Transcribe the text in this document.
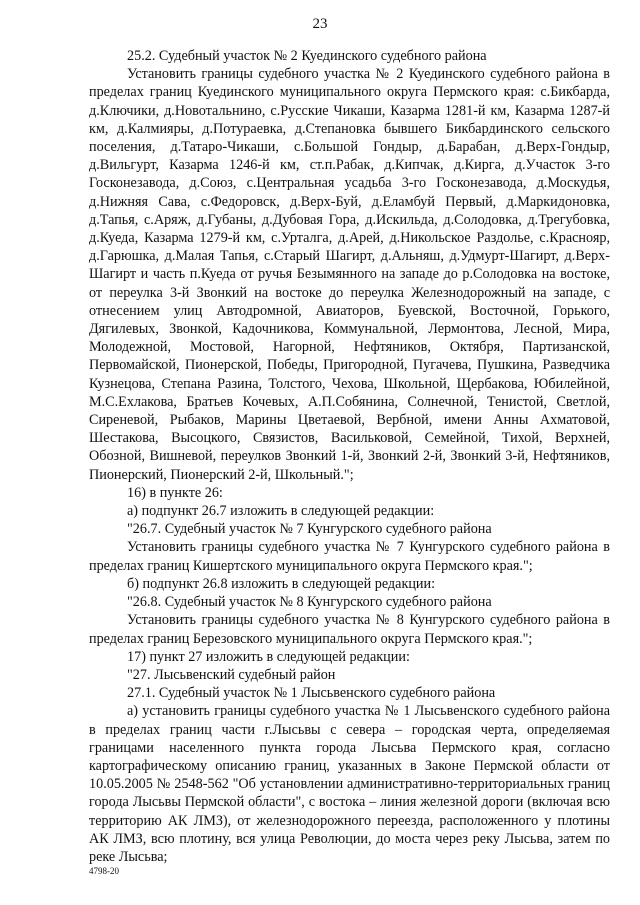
23

25.2. Судебный участок № 2 Куединского судебного района

Установить границы судебного участка № 2 Куединского судебного района в пределах границ Куединского муниципального округа Пермского края: с.Бикбарда, д.Ключики, д.Новотальнино, с.Русские Чикаши, Казарма 1281-й км, Казарма 1287-й км, д.Калмияры, д.Потураевка, д.Степановка бывшего Бикбардинского сельского поселения, д.Татаро-Чикаши, с.Большой Гондыр, д.Барабан, д.Верх-Гондыр, д.Вильгурт, Казарма 1246-й км, ст.п.Рабак, д.Кипчак, д.Кирга, д.Участок 3-го Госконезавода, д.Союз, с.Центральная усадьба 3-го Госконезавода, д.Москудья, д.Нижняя Сава, с.Федоровск, д.Верх-Буй, д.Еламбуй Первый, д.Маркидоновка, д.Тапья, с.Аряж, д.Губаны, д.Дубовая Гора, д.Искильда, д.Солодовка, д.Трегубовка, д.Куеда, Казарма 1279-й км, с.Урталга, д.Арей, д.Никольское Раздолье, с.Краснояр, д.Гарюшка, д.Малая Тапья, с.Старый Шагирт, д.Альняш, д.Удмурт-Шагирт, д.Верх-Шагирт и часть п.Куеда от ручья Безымянного на западе до р.Солодовка на востоке, от переулка 3-й Звонкий на востоке до переулка Железнодорожный на западе, с отнесением улиц Автодромной, Авиаторов, Буевской, Восточной, Горького, Дягилевых, Звонкой, Кадочникова, Коммунальной, Лермонтова, Лесной, Мира, Молодежной, Мостовой, Нагорной, Нефтяников, Октября, Партизанской, Первомайской, Пионерской, Победы, Пригородной, Пугачева, Пушкина, Разведчика Кузнецова, Степана Разина, Толстого, Чехова, Школьной, Щербакова, Юбилейной, М.С.Ехлакова, Братьев Кочевых, А.П.Собянина, Солнечной, Тенистой, Светлой, Сиреневой, Рыбаков, Марины Цветаевой, Вербной, имени Анны Ахматовой, Шестакова, Высоцкого, Связистов, Васильковой, Семейной, Тихой, Верхней, Обозной, Вишневой, переулков Звонкий 1-й, Звонкий 2-й, Звонкий 3-й, Нефтяников, Пионерский, Пионерский 2-й, Школьный.";

16) в пункте 26:

а) подпункт 26.7 изложить в следующей редакции:

"26.7. Судебный участок № 7 Кунгурского судебного района

Установить границы судебного участка № 7 Кунгурского судебного района в пределах границ Кишертского муниципального округа Пермского края.";

б) подпункт 26.8 изложить в следующей редакции:

"26.8. Судебный участок № 8 Кунгурского судебного района

Установить границы судебного участка № 8 Кунгурского судебного района в пределах границ Березовского муниципального округа Пермского края.";

17) пункт 27 изложить в следующей редакции:

"27. Лысьвенский судебный район

27.1. Судебный участок № 1 Лысьвенского судебного района

а) установить границы судебного участка № 1 Лысьвенского судебного района в пределах границ части г.Лысьвы с севера – городская черта, определяемая границами населенного пункта города Лысьва Пермского края, согласно картографическому описанию границ, указанных в Законе Пермской области от 10.05.2005 № 2548-562 "Об установлении административно-территориальных границ города Лысьвы Пермской области", с востока – линия железной дороги (включая всю территорию АК ЛМЗ), от железнодорожного переезда, расположенного у плотины АК ЛМЗ, всю плотину, вся улица Революции, до моста через реку Лысьва, затем по реке Лысьва;

4798-20
